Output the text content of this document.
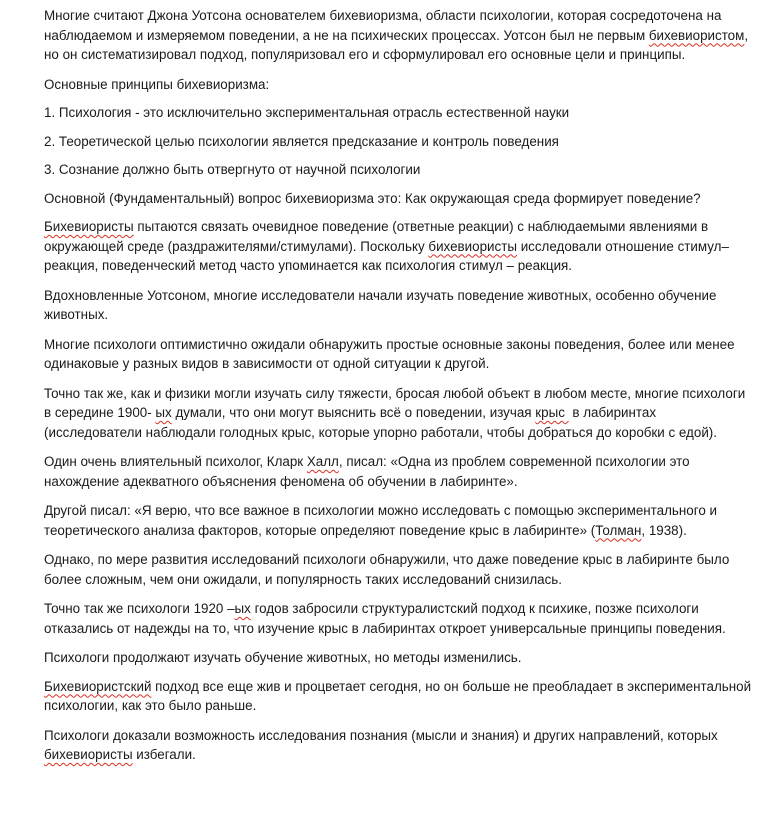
Многие считают Джона Уотсона основателем бихевиоризма, области психологии, которая сосредоточена на наблюдаемом и измеряемом поведении, а не на психических процессах. Уотсон был не первым бихевиористом, но он систематизировал подход, популяризовал его и сформулировал его основные цели и принципы.

Основные принципы бихевиоризма:

1. Психология - это исключительно экспериментальная отрасль естественной науки

2. Теоретической целью психологии является предсказание и контроль поведения

3. Сознание должно быть отвергнуто от научной психологии

Основной (Фундаментальный) вопрос бихевиоризма это: Как окружающая среда формирует поведение?

Бихевиористы пытаются связать очевидное поведение (ответные реакции) с наблюдаемыми явлениями в окружающей среде (раздражителями/стимулами). Поскольку бихевиористы исследовали отношение стимул–реакция, поведенческий метод часто упоминается как психология стимул – реакция.

Вдохновленные Уотсоном, многие исследователи начали изучать поведение животных, особенно обучение животных.

Многие психологи оптимистично ожидали обнаружить простые основные законы поведения, более или менее одинаковые у разных видов в зависимости от одной ситуации к другой.

Точно так же, как и физики могли изучать силу тяжести, бросая любой объект в любом месте, многие психологи в середине 1900- ых думали, что они могут выяснить всё о поведении, изучая крыс  в лабиринтах (исследователи наблюдали голодных крыс, которые упорно работали, чтобы добраться до коробки с едой).

Один очень влиятельный психолог, Кларк Халл, писал: «Одна из проблем современной психологии это нахождение адекватного объяснения феномена об обучении в лабиринте».

Другой писал: «Я верю, что все важное в психологии можно исследовать с помощью экспериментального и теоретического анализа факторов, которые определяют поведение крыс в лабиринте» (Толман, 1938).

Однако, по мере развития исследований психологи обнаружили, что даже поведение крыс в лабиринте было более сложным, чем они ожидали, и популярность таких исследований снизилась.

Точно так же психологи 1920 –ых годов забросили структуралистский подход к психике, позже психологи отказались от надежды на то, что изучение крыс в лабиринтах откроет универсальные принципы поведения.

Психологи продолжают изучать обучение животных, но методы изменились.

Бихевиористский подход все еще жив и процветает сегодня, но он больше не преобладает в экспериментальной психологии, как это было раньше.

Психологи доказали возможность исследования познания (мысли и знания) и других направлений, которых бихевиористы избегали.
